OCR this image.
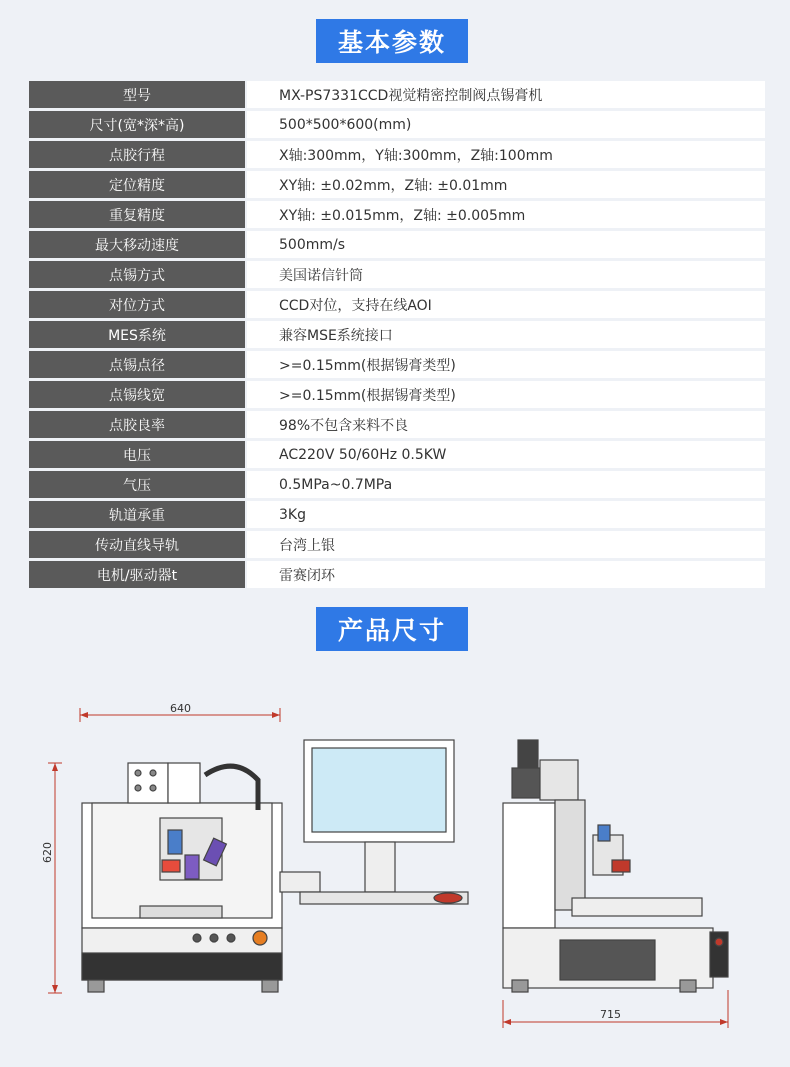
基本参数
型号	MX-PS7331CCD视觉精密控制阀点锡膏机
尺寸(宽*深*高)	500*500*600(mm)
点胶行程	X轴:300mm，Y轴:300mm，Z轴:100mm
定位精度	XY轴: ±0.02mm，Z轴: ±0.01mm
重复精度	XY轴: ±0.015mm，Z轴: ±0.005mm
最大移动速度	500mm/s
点锡方式	美国诺信针筒
对位方式	CCD对位，支持在线AOI
MES系统	兼容MSE系统接口
点锡点径	>=0.15mm(根据锡膏类型)
点锡线宽	>=0.15mm(根据锡膏类型)
点胶良率	98%不包含来料不良
电压	AC220V 50/60Hz 0.5KW
气压	0.5MPa~0.7MPa
轨道承重	3Kg
传动直线导轨	台湾上银
电机/驱动器t	雷赛闭环
产品尺寸
640
620
715
